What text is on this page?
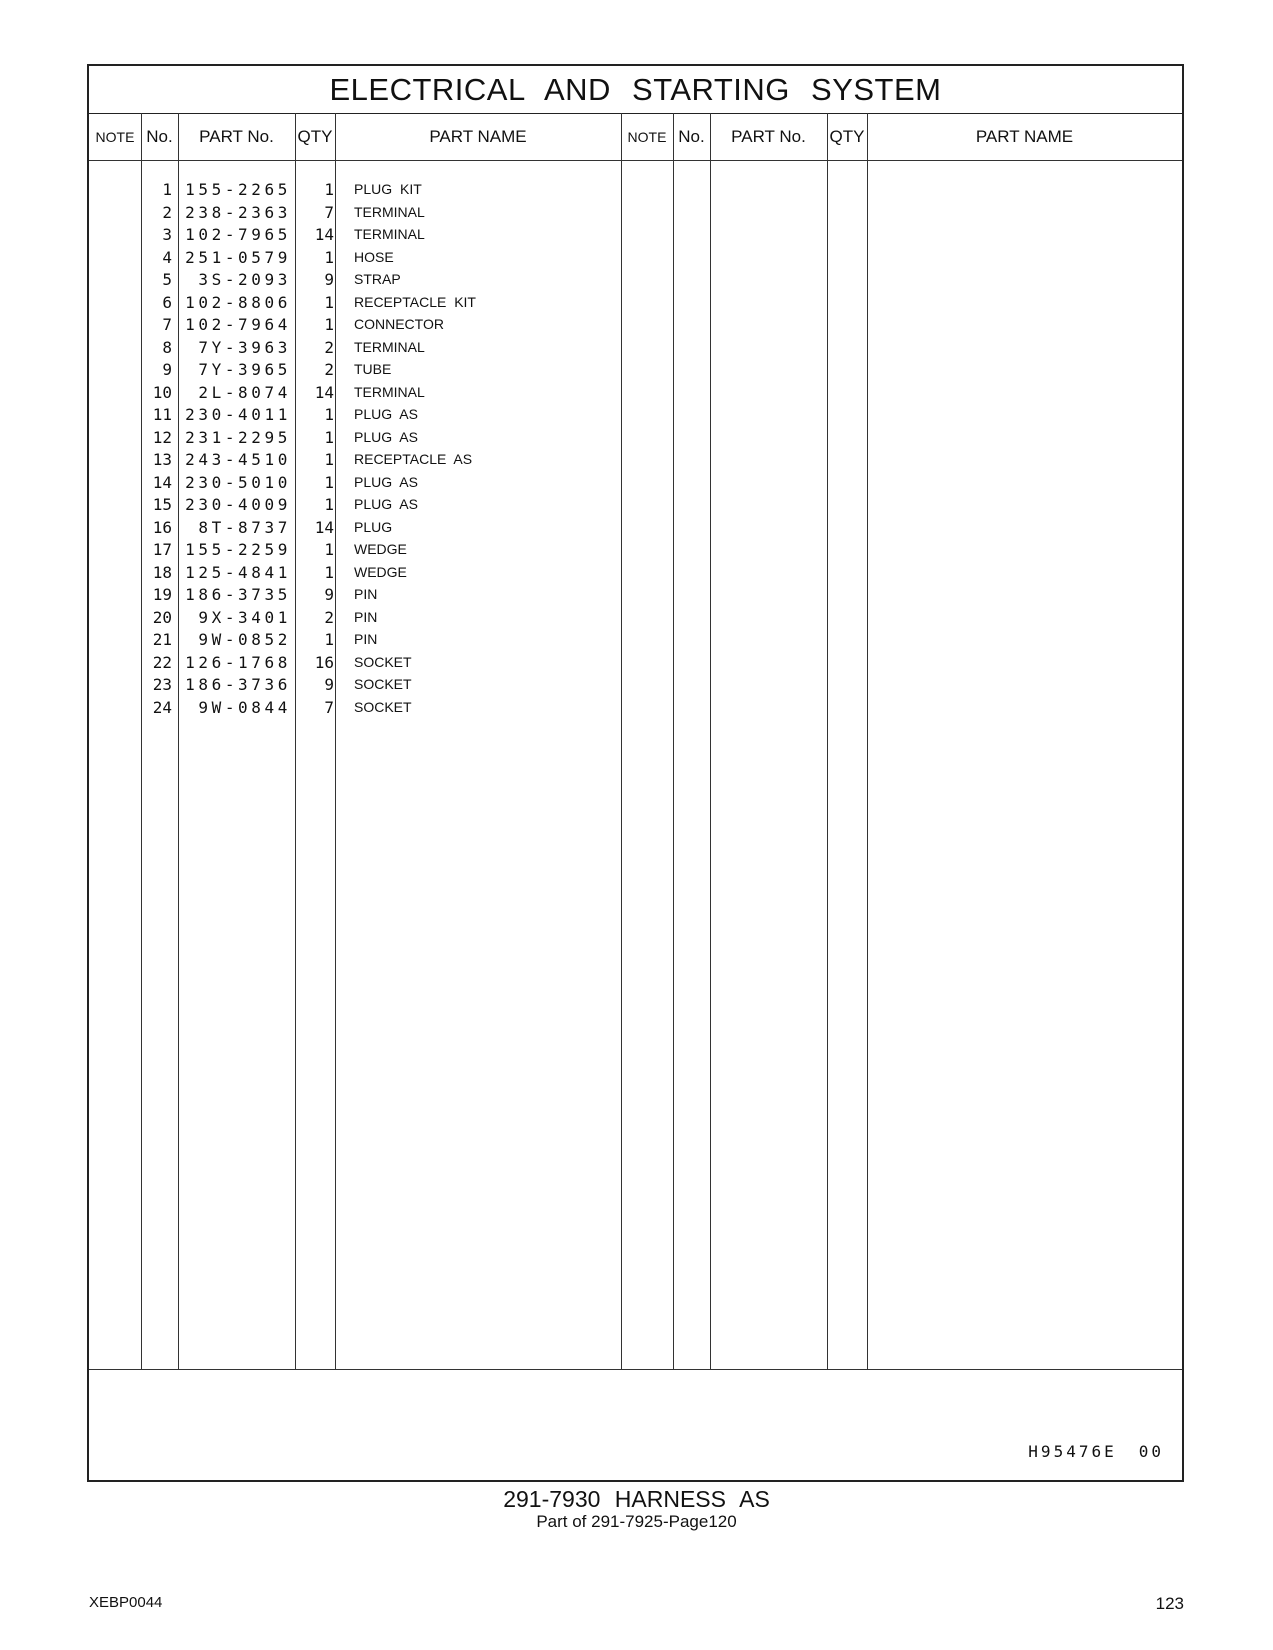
ELECTRICAL AND STARTING SYSTEM
NOTE No.	PART No.	QTY	PART NAME	NOTE No.	PART No.	QTY	PART NAME
1 155-2265	1 PLUG KIT
2 238-2363	7 TERMINAL
3 102-7965	14 TERMINAL
4 251-0579	1 HOSE
5	3S-2093	9 STRAP
6 102-8806	1 RECEPTACLE KIT
7 102-7964	1 CONNECTOR
8	7Y-3963	2 TERMINAL
9	7Y-3965	2 TUBE
10	2L-8074	14 TERMINAL
11 230-4011	1 PLUG AS
12 231-2295	1 PLUG AS
13 243-4510	1 RECEPTACLE AS
14 230-5010	1 PLUG AS
15 230-4009	1 PLUG AS
16	8T-8737	14 PLUG
17 155-2259	1 WEDGE
18 125-4841	1 WEDGE
19 186-3735	9 PIN
20	9X-3401	2 PIN
21	9W-0852	1 PIN
22 126-1768	16 SOCKET
23 186-3736	9 SOCKET
24	9W-0844	7 SOCKET
H95476E 00
291-7930 HARNESS AS
Part of 291-7925-Page120
XEBP0044	123
